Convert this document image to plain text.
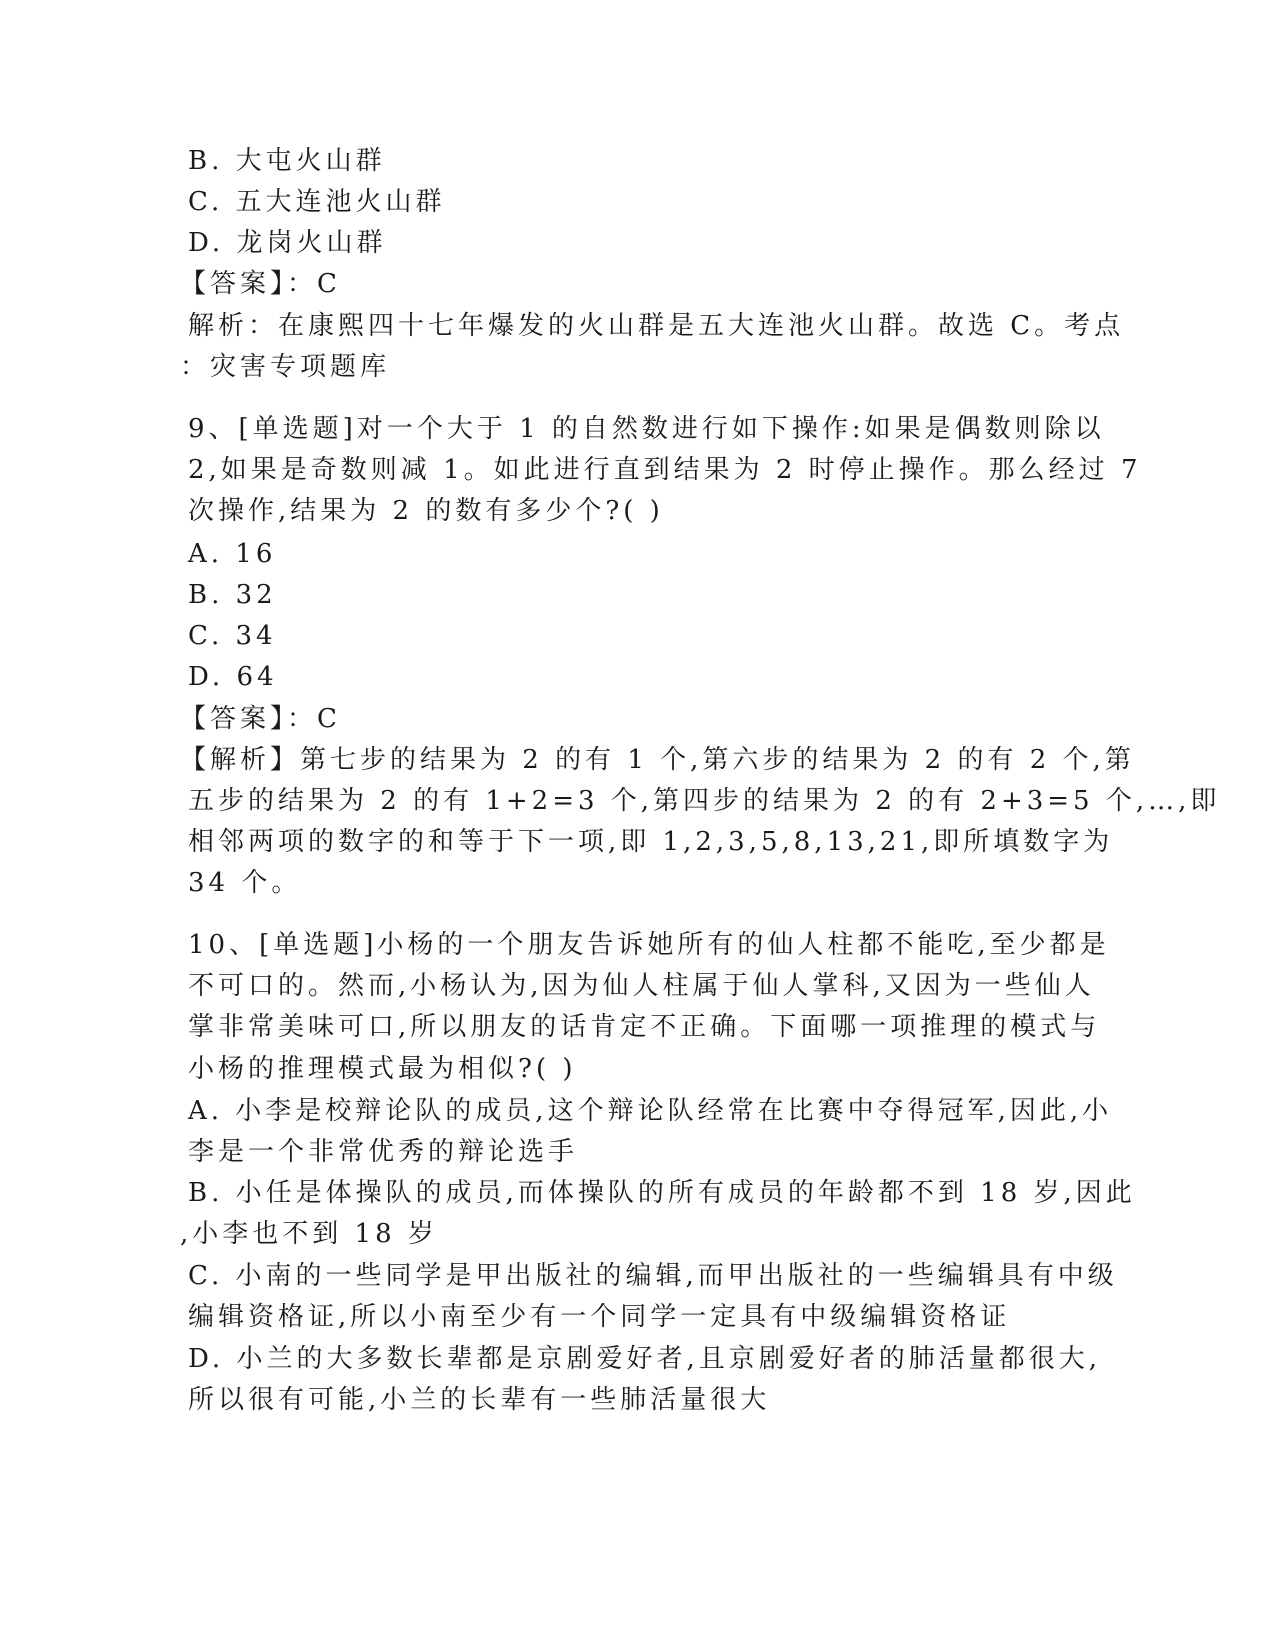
B. 大屯火山群
C. 五大连池火山群
D. 龙岗火山群
【答案】：C
解析：在康熙四十七年爆发的火山群是五大连池火山群。故选 C。考点
：灾害专项题库
9、[单选题]对一个大于 1 的自然数进行如下操作:如果是偶数则除以
2,如果是奇数则减 1。如此进行直到结果为 2 时停止操作。那么经过 7
次操作,结果为 2 的数有多少个?( )
A. 16
B. 32
C. 34
D. 64
【答案】：C
【解析】第七步的结果为 2 的有 1 个,第六步的结果为 2 的有 2 个,第
五步的结果为 2 的有 1+2=3 个,第四步的结果为 2 的有 2+3=5 个,…,即
相邻两项的数字的和等于下一项,即 1,2,3,5,8,13,21,即所填数字为
34 个。
10、[单选题]小杨的一个朋友告诉她所有的仙人柱都不能吃,至少都是
不可口的。然而,小杨认为,因为仙人柱属于仙人掌科,又因为一些仙人
掌非常美味可口,所以朋友的话肯定不正确。下面哪一项推理的模式与
小杨的推理模式最为相似?( )
A. 小李是校辩论队的成员,这个辩论队经常在比赛中夺得冠军,因此,小
李是一个非常优秀的辩论选手
B. 小任是体操队的成员,而体操队的所有成员的年龄都不到 18 岁,因此
,小李也不到 18 岁
C. 小南的一些同学是甲出版社的编辑,而甲出版社的一些编辑具有中级
编辑资格证,所以小南至少有一个同学一定具有中级编辑资格证
D. 小兰的大多数长辈都是京剧爱好者,且京剧爱好者的肺活量都很大,
所以很有可能,小兰的长辈有一些肺活量很大
